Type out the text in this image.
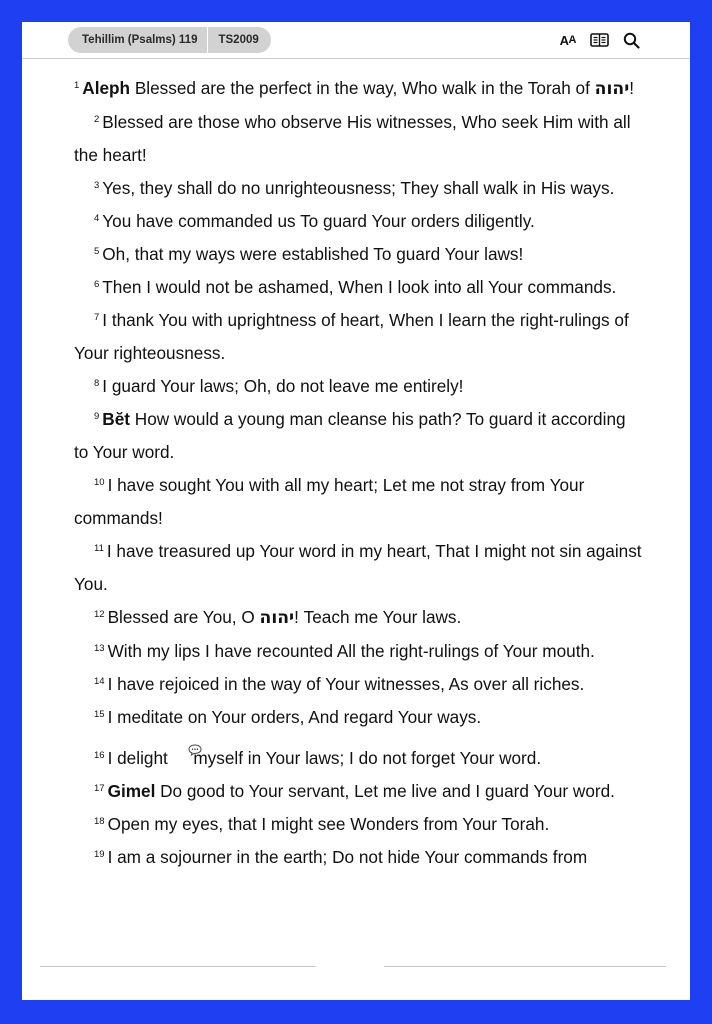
Tehillim (Psalms) 119	TS2009	A A

$^1$ Aleph Blessed are the perfect in the way, Who walk in the Torah of יהוה!

$^2$ Blessed are those who observe His witnesses, Who seek Him with all the heart!

$^3$ Yes, they shall do no unrighteousness; They shall walk in His ways.

$^4$ You have commanded us To guard Your orders diligently.

$^5$ Oh, that my ways were established To guard Your laws!

$^6$ Then I would not be ashamed, When I look into all Your commands.

$^7$ I thank You with uprightness of heart, When I learn the right-rulings of Your righteousness.

$^8$ I guard Your laws; Oh, do not leave me entirely!

$^9$ Bĕt How would a young man cleanse his path? To guard it according to Your word.

$^{10}$ I have sought You with all my heart; Let me not stray from Your commands!

$^{11}$ I have treasured up Your word in my heart, That I might not sin against You.

$^{12}$ Blessed are You, O יהוה! Teach me Your laws.

$^{13}$ With my lips I have recounted All the right-rulings of Your mouth.

$^{14}$ I have rejoiced in the way of Your witnesses, As over all riches.

$^{15}$ I meditate on Your orders, And regard Your ways.

$^{16}$ I delight  myself in Your laws; I do not forget Your word.

$^{17}$ Gimel Do good to Your servant, Let me live and I guard Your word.

$^{18}$ Open my eyes, that I might see Wonders from Your Torah.

$^{19}$ I am a sojourner in the earth; Do not hide Your commands from
